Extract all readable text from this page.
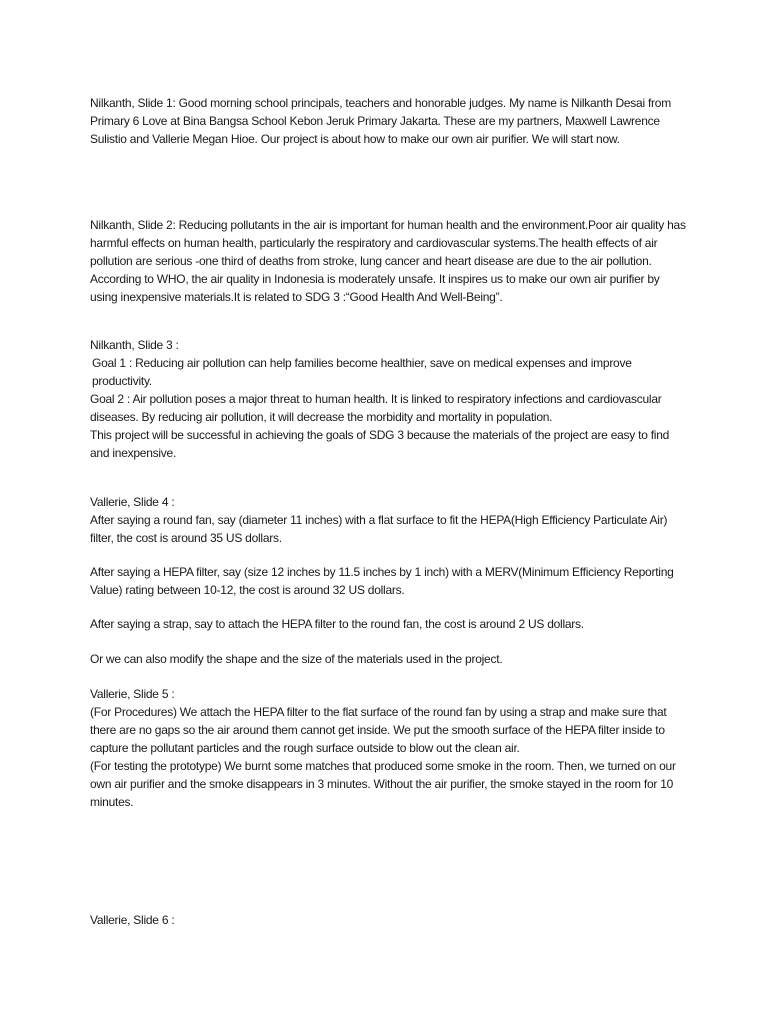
Nilkanth, Slide 1: Good morning school principals, teachers and honorable judges. My name is Nilkanth Desai from Primary 6 Love at Bina Bangsa School Kebon Jeruk Primary Jakarta. These are my partners, Maxwell Lawrence Sulistio and Vallerie Megan Hioe. Our project is about how to make our own air purifier. We will start now.

Nilkanth, Slide 2: Reducing pollutants in the air is important for human health and the environment.Poor air quality has harmful effects on human health, particularly the respiratory and cardiovascular systems.The health effects of air pollution are serious -one third of deaths from stroke, lung cancer and heart disease are due to the air pollution. According to WHO, the air quality in Indonesia is moderately unsafe. It inspires us to make our own air purifier by using inexpensive materials.It is related to SDG 3 :“Good Health And Well-Being”.

Nilkanth, Slide 3 :

Goal 1 : Reducing air pollution can help families become healthier, save on medical expenses and improve productivity.

Goal 2 : Air pollution poses a major threat to human health. It is linked to respiratory infections and cardiovascular diseases. By reducing air pollution, it will decrease the morbidity and mortality in population.

This project will be successful in achieving the goals of SDG 3 because the materials of the project are easy to find and inexpensive.

Vallerie, Slide 4 :

After saying a round fan, say (diameter 11 inches) with a flat surface to fit the HEPA(High Efficiency Particulate Air) filter, the cost is around 35 US dollars.

After saying a HEPA filter, say (size 12 inches by 11.5 inches by 1 inch) with a MERV(Minimum Efficiency Reporting Value) rating between 10-12, the cost is around 32 US dollars.

After saying a strap, say to attach the HEPA filter to the round fan, the cost is around 2 US dollars.

Or we can also modify the shape and the size of the materials used in the project.

Vallerie, Slide 5 :

(For Procedures) We attach the HEPA filter to the flat surface of the round fan by using a strap and make sure that there are no gaps so the air around them cannot get inside. We put the smooth surface of the HEPA filter inside to capture the pollutant particles and the rough surface outside to blow out the clean air.

(For testing the prototype) We burnt some matches that produced some smoke in the room. Then, we turned on our own air purifier and the smoke disappears in 3 minutes. Without the air purifier, the smoke stayed in the room for 10 minutes.

Vallerie, Slide 6 :
